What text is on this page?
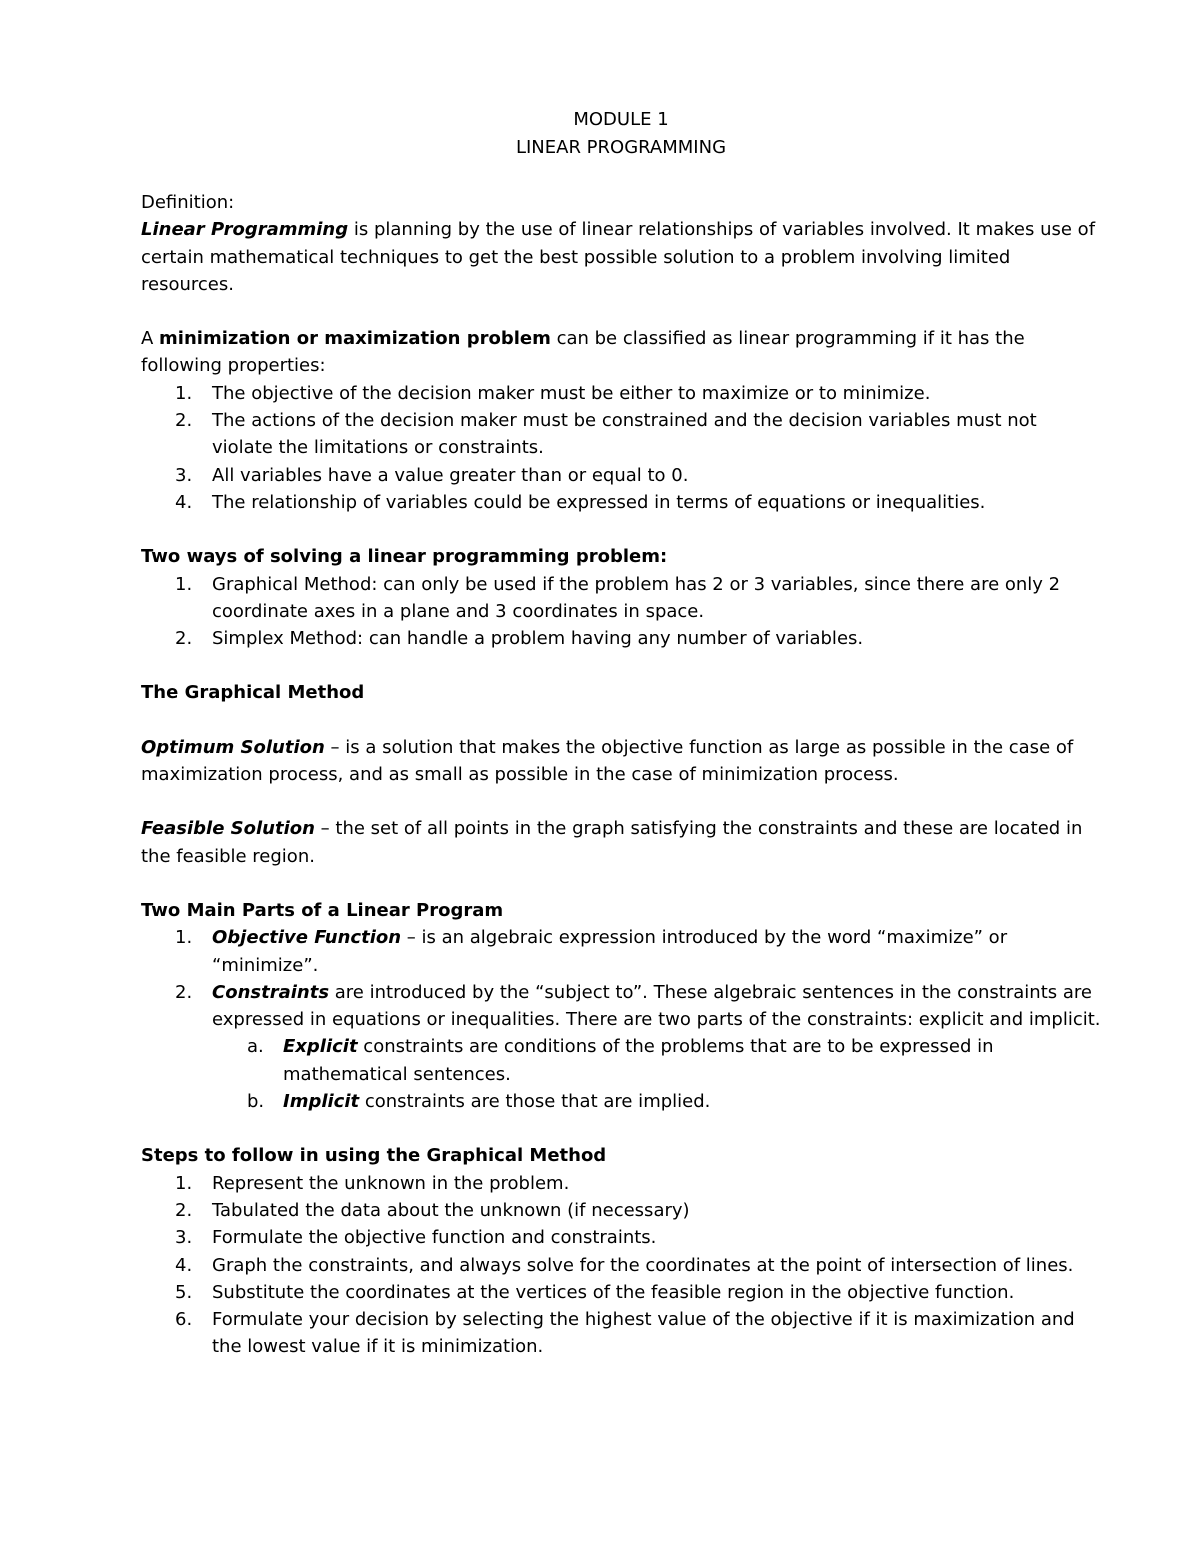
MODULE 1
LINEAR PROGRAMMING

Definition:

Linear Programming is planning by the use of linear relationships of variables involved. It makes use of certain mathematical techniques to get the best possible solution to a problem involving limited resources.

A minimization or maximization problem can be classified as linear programming if it has the following properties:

1. The objective of the decision maker must be either to maximize or to minimize.
2. The actions of the decision maker must be constrained and the decision variables must not violate the limitations or constraints.
3. All variables have a value greater than or equal to 0.
4. The relationship of variables could be expressed in terms of equations or inequalities.

Two ways of solving a linear programming problem:

1. Graphical Method: can only be used if the problem has 2 or 3 variables, since there are only 2 coordinate axes in a plane and 3 coordinates in space.
2. Simplex Method: can handle a problem having any number of variables.

The Graphical Method

Optimum Solution – is a solution that makes the objective function as large as possible in the case of maximization process, and as small as possible in the case of minimization process.

Feasible Solution – the set of all points in the graph satisfying the constraints and these are located in the feasible region.

Two Main Parts of a Linear Program

1. Objective Function – is an algebraic expression introduced by the word “maximize” or “minimize”.
2. Constraints are introduced by the “subject to”. These algebraic sentences in the constraints are expressed in equations or inequalities. There are two parts of the constraints: explicit and implicit.
a. Explicit constraints are conditions of the problems that are to be expressed in mathematical sentences.
b. Implicit constraints are those that are implied.

Steps to follow in using the Graphical Method

1. Represent the unknown in the problem.
2. Tabulated the data about the unknown (if necessary)
3. Formulate the objective function and constraints.
4. Graph the constraints, and always solve for the coordinates at the point of intersection of lines.
5. Substitute the coordinates at the vertices of the feasible region in the objective function.
6. Formulate your decision by selecting the highest value of the objective if it is maximization and the lowest value if it is minimization.
